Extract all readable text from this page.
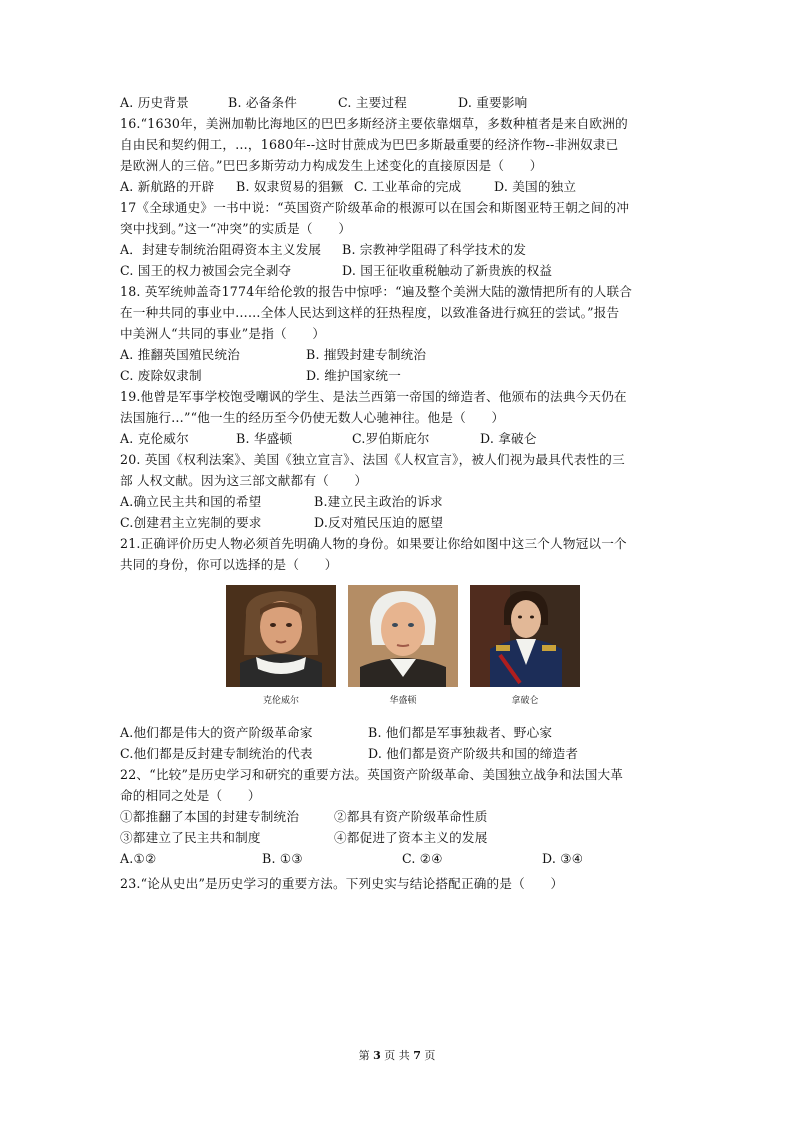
A. 历史背景	B. 必备条件	C. 主要过程	D. 重要影响
16.“1630年，美洲加勒比海地区的巴巴多斯经济主要依靠烟草，多数种植者是来自欧洲的
自由民和契约佣工，…，1680年--这时甘蔗成为巴巴多斯最重要的经济作物--非洲奴隶已
是欧洲人的三倍。”巴巴多斯劳动力构成发生上述变化的直接原因是（　　）
A. 新航路的开辟	B. 奴隶贸易的猖獗 C. 工业革命的完成	D. 美国的独立
17《全球通史》一书中说：“英国资产阶级革命的根源可以在国会和斯图亚特王朝之间的冲
突中找到。”这一“冲突”的实质是（　　）
A．封建专制统治阻碍资本主义发展	B. 宗教神学阻碍了科学技术的发
C. 国王的权力被国会完全剥夺	D. 国王征收重税触动了新贵族的权益
18. 英军统帅盖奇1774年给伦敦的报告中惊呼：“遍及整个美洲大陆的激情把所有的人联合
在一种共同的事业中……全体人民达到这样的狂热程度，以致准备进行疯狂的尝试。”报告
中美洲人“共同的事业”是指（　　）
A. 推翻英国殖民统治	B. 摧毁封建专制统治
C. 废除奴隶制	D. 维护国家统一
19.他曾是军事学校饱受嘲讽的学生、是法兰西第一帝国的缔造者、他颁布的法典今天仍在
法国施行…”“他一生的经历至今仍使无数人心驰神往。他是（　　）
A. 克伦威尔	B. 华盛顿	C.罗伯斯庇尔	D. 拿破仑
20. 英国《权利法案》、美国《独立宣言》、法国《人权宣言》，被人们视为最具代表性的三
部 人权文献。因为这三部文献都有（　　）
A.确立民主共和国的希望	B.建立民主政治的诉求
C.创建君主立宪制的要求	D.反对殖民压迫的愿望
21.正确评价历史人物必须首先明确人物的身份。如果要让你给如图中这三个人物冠以一个
共同的身份，你可以选择的是（　　）
克伦威尔	华盛顿	拿破仑
A.他们都是伟大的资产阶级革命家	B. 他们都是军事独裁者、野心家
C.他们都是反封建专制统治的代表	D. 他们都是资产阶级共和国的缔造者
22、“比较”是历史学习和研究的重要方法。英国资产阶级革命、美国独立战争和法国大革
命的相同之处是（　　）
①都推翻了本国的封建专制统治	②都具有资产阶级革命性质
③都建立了民主共和制度	④都促进了资本主义的发展
A.①②	B. ①③	C. ②④	D. ③④
23.“论从史出”是历史学习的重要方法。下列史实与结论搭配正确的是（　　）
第 3 页 共 7 页
